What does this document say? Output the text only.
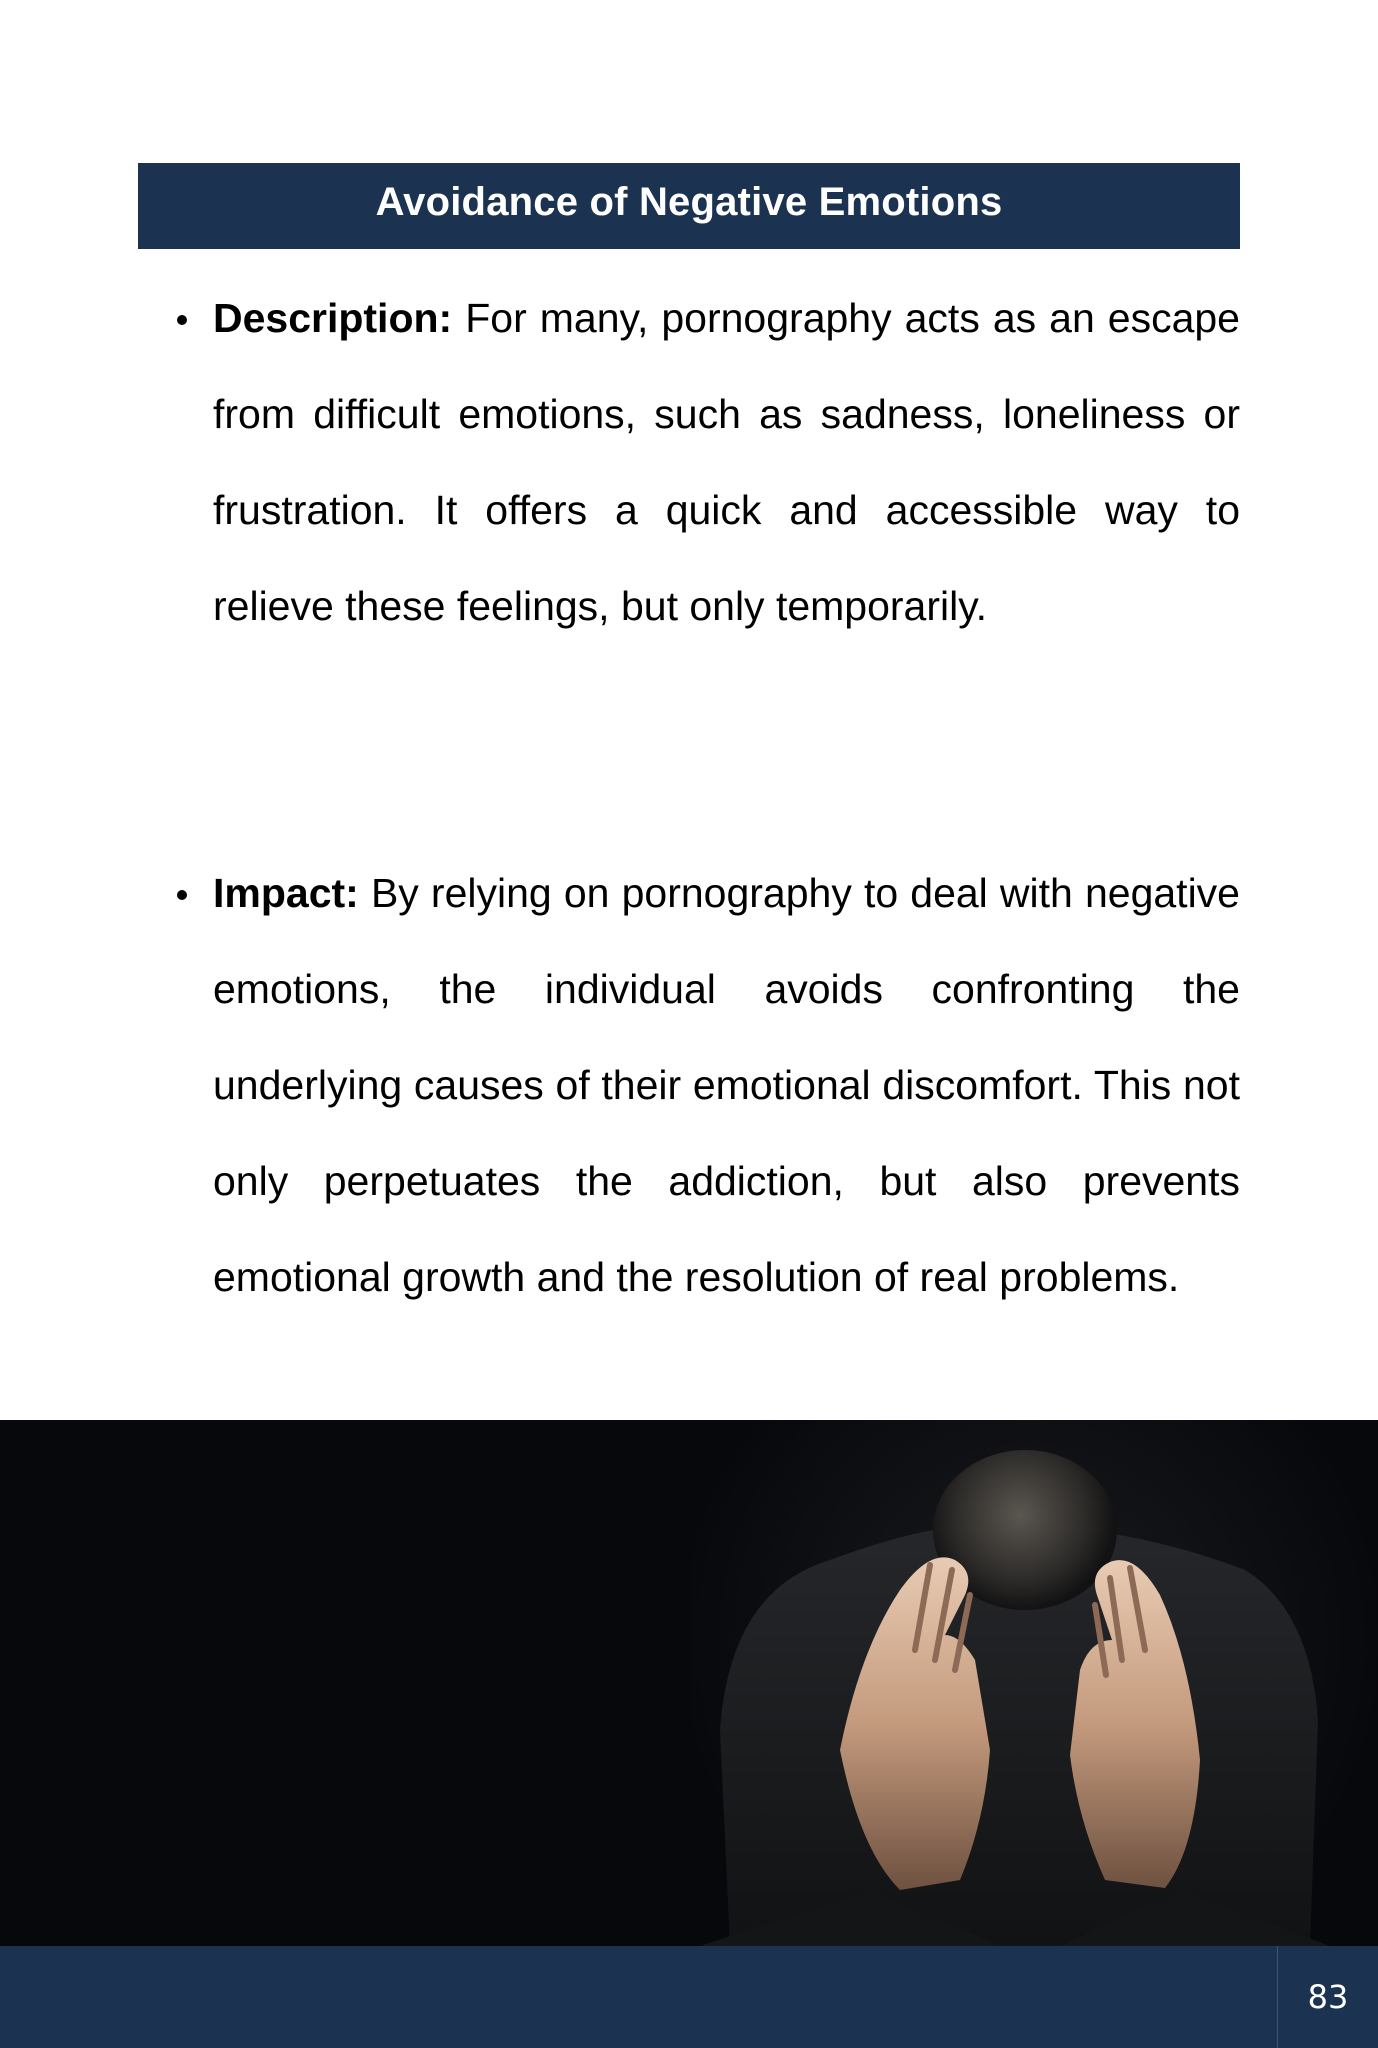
Avoidance of Negative Emotions

Description: For many, pornography acts as an escape from difficult emotions, such as sadness, loneliness or frustration. It offers a quick and accessible way to relieve these feelings, but only temporarily.

Impact: By relying on pornography to deal with negative emotions, the individual avoids confronting the underlying causes of their emotional discomfort. This not only perpetuates the addiction, but also prevents emotional growth and the resolution of real problems.

83
